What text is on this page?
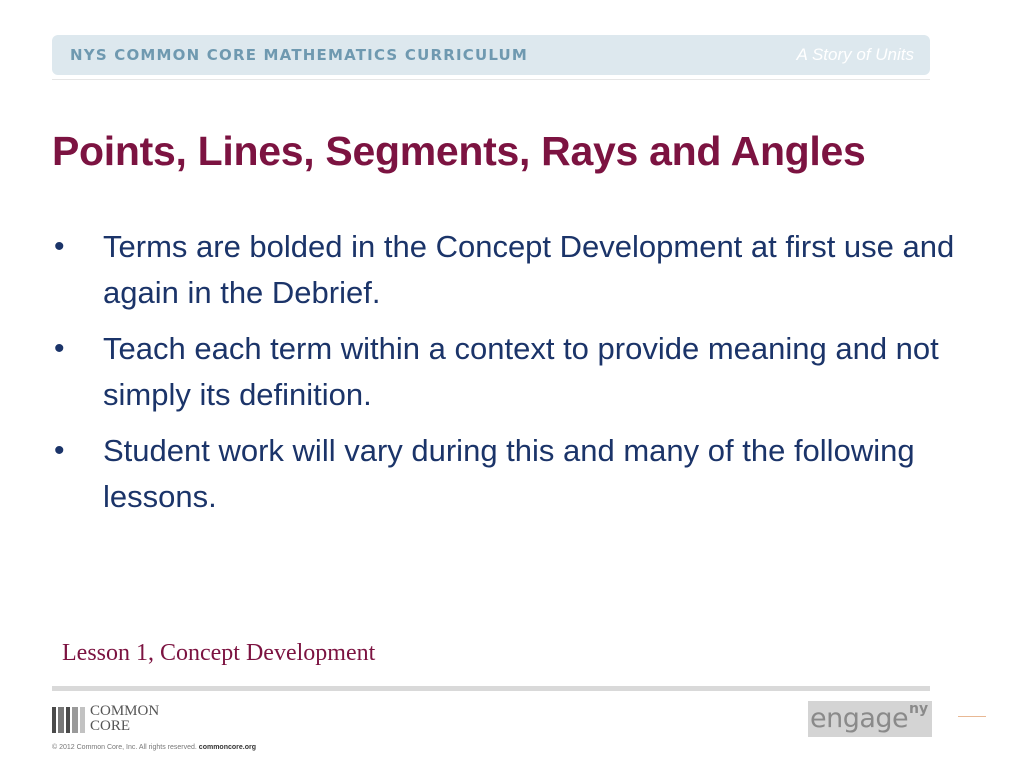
NYS COMMON CORE MATHEMATICS CURRICULUM	A Story of Units
Points, Lines, Segments, Rays and Angles
•	Terms are bolded in the Concept Development at first use and again in the Debrief.
•	Teach each term within a context to provide meaning and not simply its definition.
•	Student work will vary during this and many of the following lessons.
Lesson 1, Concept Development
COMMON
CORE
© 2012 Common Core, Inc. All rights reserved. commoncore.org
engage ny
